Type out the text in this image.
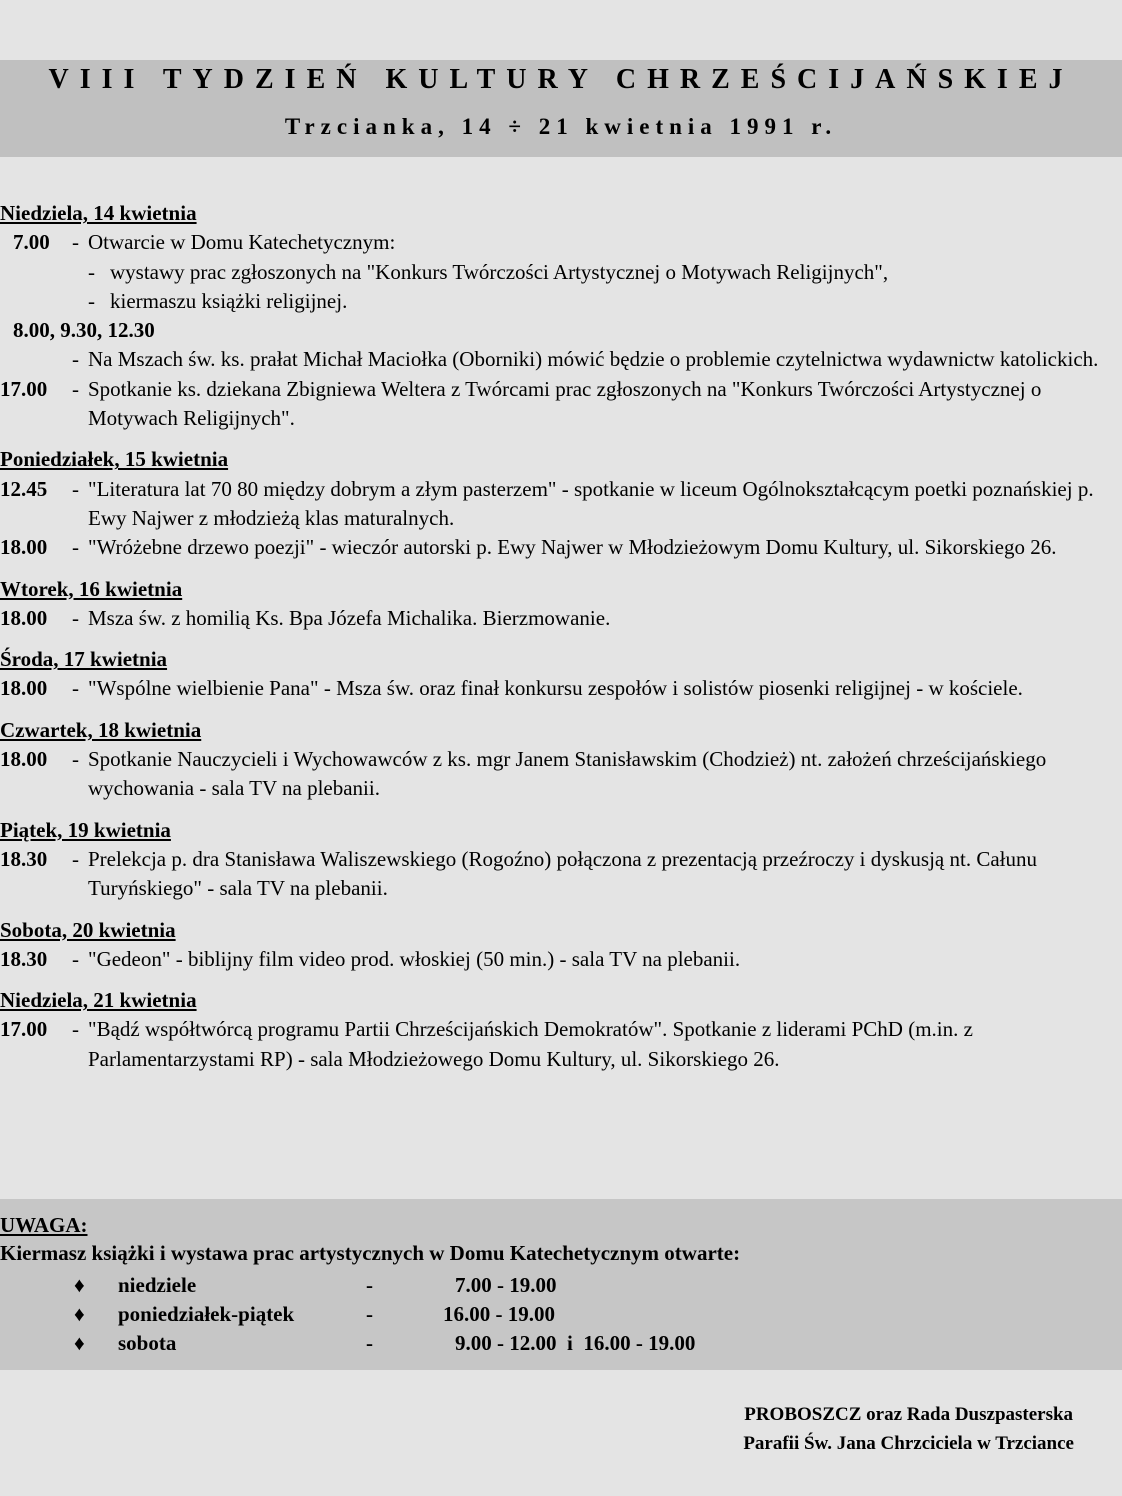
VIII TYDZIEŃ KULTURY CHRZEŚCIJAŃSKIEJ
Trzcianka, 14 ÷ 21 kwietnia 1991 r.
Niedziela, 14 kwietnia
7.00 - Otwarcie w Domu Katechetycznym:
- wystawy prac zgłoszonych na "Konkurs Twórczości Artystycznej o Motywach Religijnych",
- kiermaszu książki religijnej.
8.00, 9.30, 12.30
- Na Mszach św. ks. prałat Michał Maciołka (Oborniki) mówić będzie o problemie czytelnictwa wydawnictw katolickich.
17.00 - Spotkanie ks. dziekana Zbigniewa Weltera z Twórcami prac zgłoszonych na "Konkurs Twórczości Artystycznej o Motywach Religijnych".
Poniedziałek, 15 kwietnia
12.45 - "Literatura lat 70 80 między dobrym a złym pasterzem" - spotkanie w liceum Ogólnokształcącym poetki poznańskiej p. Ewy Najwer z młodzieżą klas maturalnych.
18.00 - "Wróżebne drzewo poezji" - wieczór autorski p. Ewy Najwer w Młodzieżowym Domu Kultury, ul. Sikorskiego 26.
Wtorek, 16 kwietnia
18.00 - Msza św. z homilią Ks. Bpa Józefa Michalika. Bierzmowanie.
Środa, 17 kwietnia
18.00 - "Wspólne wielbienie Pana" - Msza św. oraz finał konkursu zespołów i solistów piosenki religijnej - w kościele.
Czwartek, 18 kwietnia
18.00 - Spotkanie Nauczycieli i Wychowawców z ks. mgr Janem Stanisławskim (Chodzież) nt. założeń chrześcijańskiego wychowania - sala TV na plebanii.
Piątek, 19 kwietnia
18.30 - Prelekcja p. dra Stanisława Waliszewskiego (Rogoźno) połączona z prezentacją przeźroczy i dyskusją nt. Całunu Turyńskiego" - sala TV na plebanii.
Sobota, 20 kwietnia
18.30 - "Gedeon" - biblijny film video prod. włoskiej (50 min.) - sala TV na plebanii.
Niedziela, 21 kwietnia
17.00 - "Bądź współtwórcą programu Partii Chrześcijańskich Demokratów". Spotkanie z liderami PChD (m.in. z Parlamentarzystami RP) - sala Młodzieżowego Domu Kultury, ul. Sikorskiego 26.
UWAGA:
Kiermasz książki i wystawa prac artystycznych w Domu Katechetycznym otwarte:
♦ niedziele	-	7.00 - 19.00
♦ poniedziałek-piątek	-	16.00 - 19.00
♦ sobota	-	9.00 - 12.00  i  16.00 - 19.00
PROBOSZCZ oraz Rada Duszpasterska
Parafii Św. Jana Chrzciciela w Trzciance
